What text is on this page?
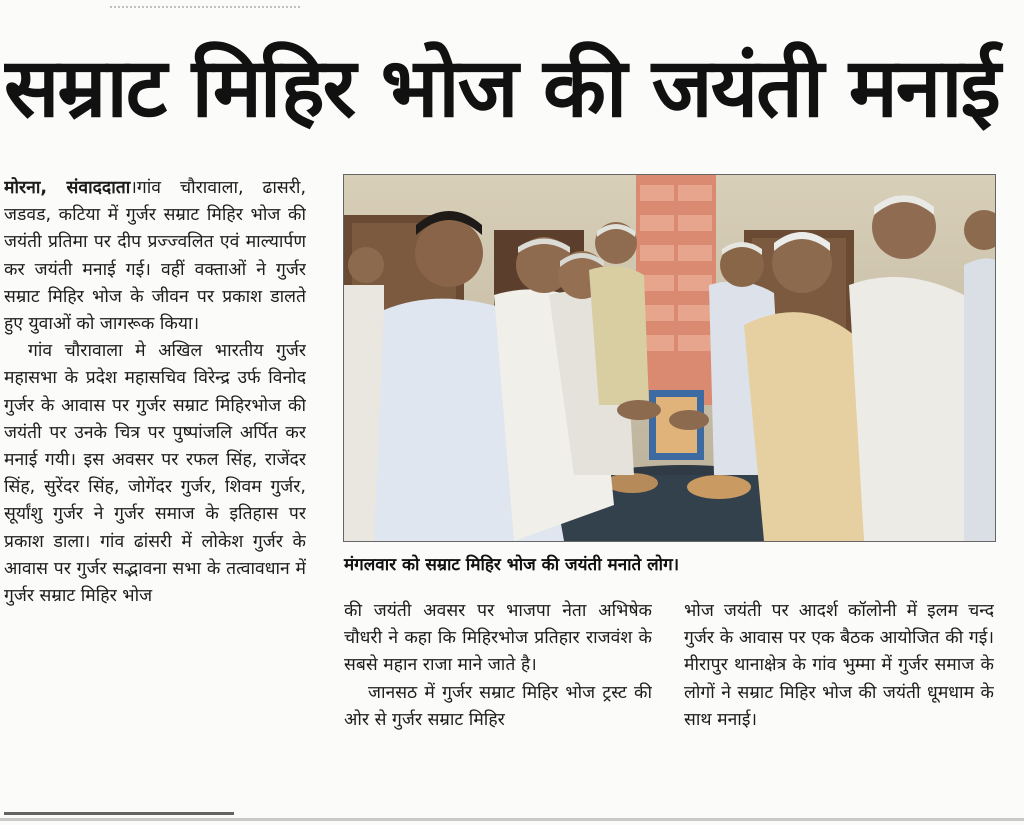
सम्राट मिहिर भोज की जयंती मनाई

मोरना, संवाददाता।गांव चौरावाला, ढासरी, जडवड, कटिया में गुर्जर सम्राट मिहिर भोज की जयंती प्रतिमा पर दीप प्रज्ज्वलित एवं माल्यार्पण कर जयंती मनाई गई। वहीं वक्ताओं ने गुर्जर सम्राट मिहिर भोज के जीवन पर प्रकाश डालते हुए युवाओं को जागरूक किया।

गांव चौरावाला मे अखिल भारतीय गुर्जर महासभा के प्रदेश महासचिव विरेन्द्र उर्फ विनोद गुर्जर के आवास पर गुर्जर सम्राट मिहिरभोज की जयंती पर उनके चित्र पर पुष्पांजलि अर्पित कर मनाई गयी। इस अवसर पर रफल सिंह, राजेंदर सिंह, सुरेंदर सिंह, जोगेंदर गुर्जर, शिवम गुर्जर, सूर्यांशु गुर्जर ने गुर्जर समाज के इतिहास पर प्रकाश डाला। गांव ढांसरी में लोकेश गुर्जर के आवास पर गुर्जर सद्भावना सभा के तत्वावधान में गुर्जर सम्राट मिहिर भोज

मंगलवार को सम्राट मिहिर भोज की जयंती मनाते लोग।

की जयंती अवसर पर भाजपा नेता अभिषेक चौधरी ने कहा कि मिहिरभोज प्रतिहार राजवंश के सबसे महान राजा माने जाते है।

जानसठ में गुर्जर सम्राट मिहिर भोज ट्रस्ट की ओर से गुर्जर सम्राट मिहिर

भोज जयंती पर आदर्श कॉलोनी में इलम चन्द गुर्जर के आवास पर एक बैठक आयोजित की गई। मीरापुर थानाक्षेत्र के गांव भुम्मा में गुर्जर समाज के लोगों ने सम्राट मिहिर भोज की जयंती धूमधाम के साथ मनाई।
